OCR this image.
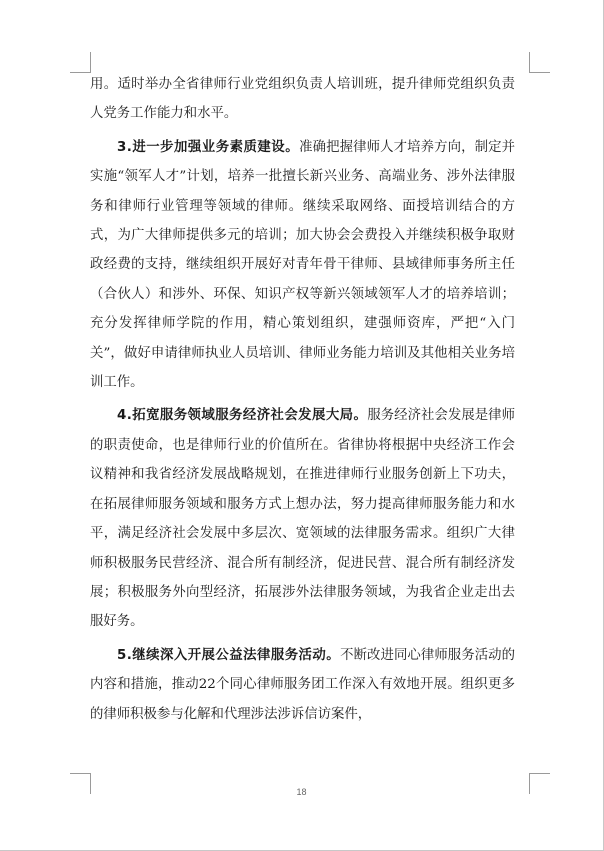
用。适时举办全省律师行业党组织负责人培训班，提升律师党组织负责人党务工作能力和水平。

3.进一步加强业务素质建设。准确把握律师人才培养方向，制定并实施“领军人才”计划，培养一批擅长新兴业务、高端业务、涉外法律服务和律师行业管理等领域的律师。继续采取网络、面授培训结合的方式，为广大律师提供多元的培训；加大协会会费投入并继续积极争取财政经费的支持，继续组织开展好对青年骨干律师、县域律师事务所主任（合伙人）和涉外、环保、知识产权等新兴领域领军人才的培养培训；充分发挥律师学院的作用，精心策划组织，建强师资库，严把“入门关”，做好申请律师执业人员培训、律师业务能力培训及其他相关业务培训工作。

4.拓宽服务领域服务经济社会发展大局。服务经济社会发展是律师的职责使命，也是律师行业的价值所在。省律协将根据中央经济工作会议精神和我省经济发展战略规划，在推进律师行业服务创新上下功夫，在拓展律师服务领域和服务方式上想办法，努力提高律师服务能力和水平，满足经济社会发展中多层次、宽领域的法律服务需求。组织广大律师积极服务民营经济、混合所有制经济，促进民营、混合所有制经济发展；积极服务外向型经济，拓展涉外法律服务领域，为我省企业走出去服好务。

5.继续深入开展公益法律服务活动。不断改进同心律师服务活动的内容和措施，推动22个同心律师服务团工作深入有效地开展。组织更多的律师积极参与化解和代理涉法涉诉信访案件，

18
